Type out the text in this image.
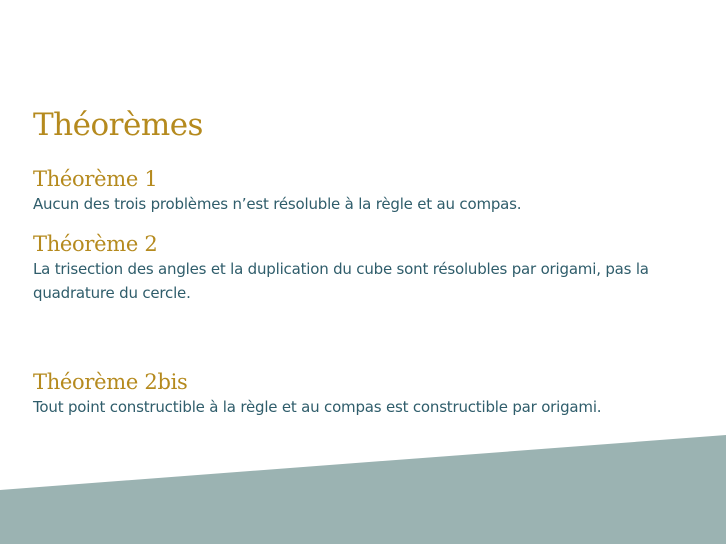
Théorèmes
Théorème 1

Aucun des trois problèmes n’est résoluble à la règle et au compas.

Théorème 2

La trisection des angles et la duplication du cube sont résolubles par origami, pas la quadrature du cercle.

Théorème 2bis

Tout point constructible à la règle et au compas est constructible par origami.
